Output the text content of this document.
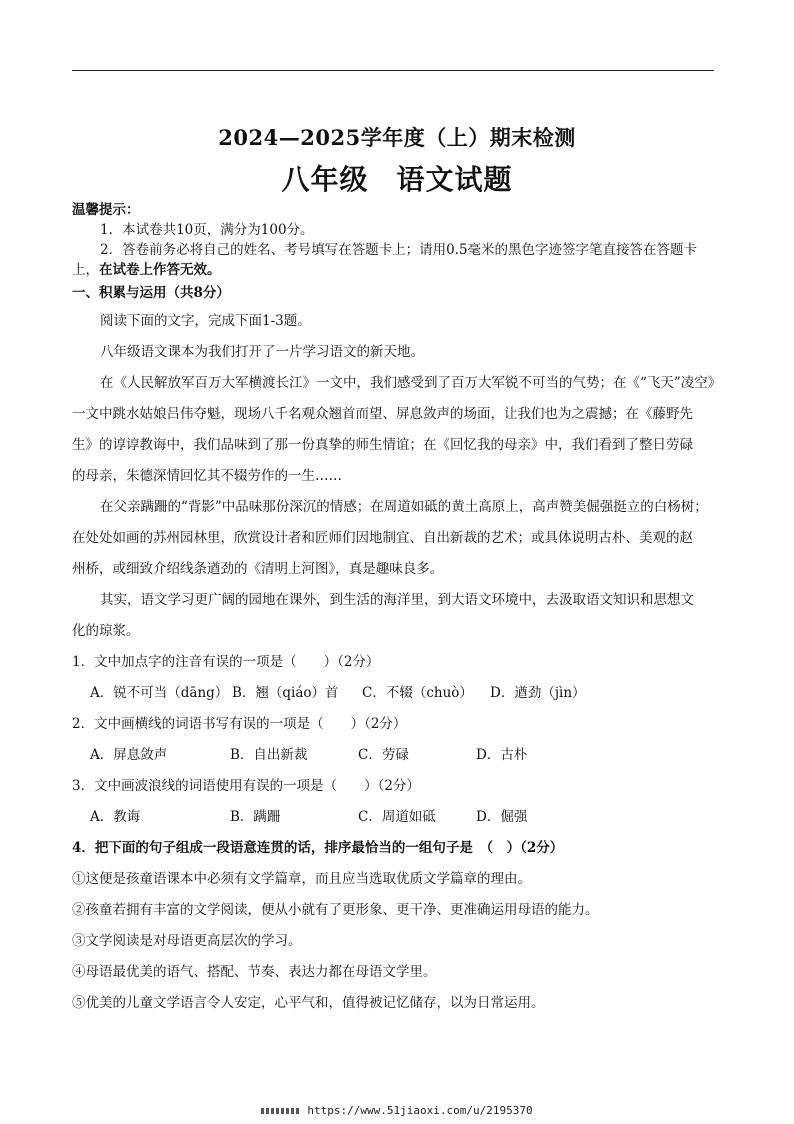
2024—2025学年度（上）期末检测
八年级 语文试题
温馨提示：
1．本试卷共10页，满分为100分。
2．答卷前务必将自己的姓名、考号填写在答题卡上；请用0.5毫米的黑色字迹签字笔直接答在答题卡
上，在试卷上作答无效。
一、积累与运用（共8分）
阅读下面的文字，完成下面1-3题。
八年级语文课本为我们打开了一片学习语文的新天地。
在《人民解放军百万大军横渡长江》一文中，我们感受到了百万大军锐不可当的气势；在《“飞天”凌空》
一文中跳水姑娘吕伟夺魁，现场八千名观众翘首而望、屏息敛声的场面，让我们也为之震撼；在《藤野先
生》的谆谆教诲中，我们品味到了那一份真挚的师生情谊；在《回忆我的母亲》中，我们看到了整日劳碌
的母亲，朱德深情回忆其不辍劳作的一生……
在父亲蹒跚的“背影”中品味那份深沉的情感；在周道如砥的黄土高原上，高声赞美倔强挺立的白杨树；
在处处如画的苏州园林里，欣赏设计者和匠师们因地制宜、自出新裁的艺术；或具体说明古朴、美观的赵
州桥，或细致介绍线条遒劲的《清明上河图》，真是趣味良多。
其实，语文学习更广阔的园地在课外，到生活的海洋里，到大语文环境中，去汲取语文知识和思想文
化的琼浆。
1．文中加点字的注音有误的一项是（　　）（2分）
A．锐不可当（dāng） B．翘（qiáo）首 C．不辍（chuò） D．遒劲（jìn）
2．文中画横线的词语书写有误的一项是（　　）（2分）
A．屏息敛声	B．自出新裁	C．劳碌	D．古朴
3．文中画波浪线的词语使用有误的一项是（　　）（2分）
A．教诲	B．蹒跚	C．周道如砥	D．倔强
4．把下面的句子组成一段语意连贯的话，排序最恰当的一组句子是　（　）（2分）
①这便是孩童语课本中必须有文学篇章，而且应当选取优质文学篇章的理由。
②孩童若拥有丰富的文学阅读，便从小就有了更形象、更干净、更准确运用母语的能力。
③文学阅读是对母语更高层次的学习。
④母语最优美的语气、搭配、节奏、表达力都在母语文学里。
⑤优美的儿童文学语言令人安定，心平气和，值得被记忆储存，以为日常运用。
https://www.51jiaoxi.com/u/2195370
